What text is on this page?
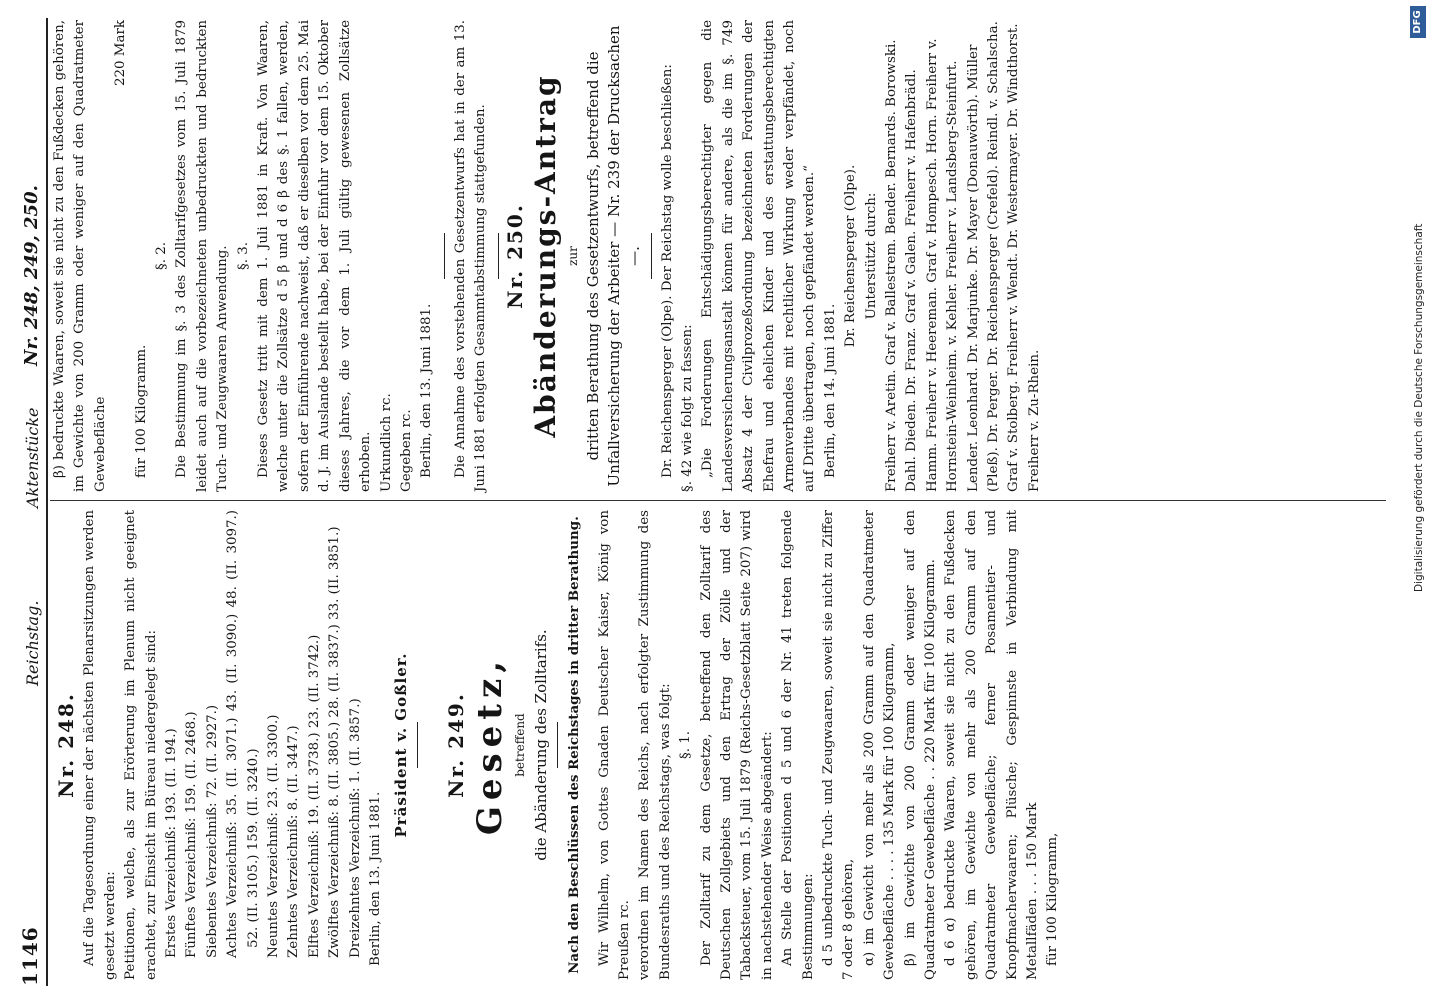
1146
Reichstag.
Aktenstücke
Nr. 248, 249, 250.
Nr. 248. Auf die Tagesordnung einer der nächsten Plenarsitzungen werden gesetzt werden: Petitionen, welche, als zur Erörterung im Plenum nicht geeignet erachtet, zur Einsicht im Büreau niedergelegt sind: Erstes Verzeichniß: 193. (II. 194.) Fünftes Verzeichniß: 159. (II. 2468.) Siebentes Verzeichniß: 72. (II. 2927.) Achtes Verzeichniß: 35. (II. 3071.) 43. (II. 3090.) 48. (II. 3097.) 52. (II. 3105.) 159. (II. 3240.) Neuntes Verzeichniß: 23. (II. 3300.) Zehntes Verzeichniß: 8. (II. 3447.) Elftes Verzeichniß: 19. (II. 3738.) 23. (II. 3742.) Zwölftes Verzeichniß: 8. (II. 3805.) 28. (II. 3837.) 33. (II. 3851.) Dreizehntes Verzeichniß: 1. (II. 3857.) Berlin, den 13. Juni 1881.

Präsident v. Goßler. Nr. 249. Gesetz, betreffend die Abänderung des Zolltarifs. Nach den Beschlüssen des Reichstages in dritter Berathung. Wir Wilhelm, von Gottes Gnaden Deutscher Kaiser, König von Preußen rc. verordnen im Namen des Reichs, nach erfolgter Zustimmung des Bundesraths und des Reichstags, was folgt: §. 1. Der Zolltarif zu dem Gesetze, betreffend den Zolltarif des Deutschen Zollgebiets und den Ertrag der Zölle und der Tabacksteuer, vom 15. Juli 1879 (Reichs-Gesetzblatt Seite 207) wird in nachstehender Weise abgeändert: An Stelle der Positionen d 5 und 6 der Nr. 41 treten folgende Bestimmungen: d 5 unbedruckte Tuch- und Zeugwaaren, soweit sie nicht zu Ziffer 7 oder 8 gehören, α) im Gewicht von mehr als 200 Gramm auf den Quadratmeter Gewebefläche . . . . 135 Mark für 100 Kilogramm, β) im Gewichte von 200 Gramm oder weniger auf den Quadratmeter Gewebefläche . . 220 Mark für 100 Kilogramm. d 6 α) bedruckte Waaren, soweit sie nicht zu den Fußdecken gehören, im Gewichte von mehr als 200 Gramm auf den Quadratmeter Gewebefläche; ferner Posamentier- und Knopfmacherwaaren; Plüsche; Gespinnste in Verbindung mit Metallfäden . . . 150 Mark für 100 Kilogramm,

β) bedruckte Waaren, soweit sie nicht zu den Fußdecken gehören, im Gewichte von 200 Gramm oder weniger auf den Quadratmeter Gewebefläche

220 Mark

für 100 Kilogramm.

§. 2. Die Bestimmung im §. 3 des Zolltarifgesetzes vom 15. Juli 1879 leidet auch auf die vorbezeichneten unbedruckten und bedruckten Tuch- und Zeugwaaren Anwendung. §. 3. Dieses Gesetz tritt mit dem 1. Juli 1881 in Kraft. Von Waaren, welche unter die Zollsätze d 5 β und d 6 β des §. 1 fallen, werden, sofern der Einführende nachweist, daß er dieselben vor dem 25. Mai d. J. im Auslande bestellt habe, bei der Einfuhr vor dem 15. Oktober dieses Jahres, die vor dem 1. Juli gültig gewesenen Zollsätze erhoben. Urkundlich rc. Gegeben rc. Berlin, den 13. Juni 1881. Die Annahme des vorstehenden Gesetzentwurfs hat in der am 13. Juni 1881 erfolgten Gesammtabstimmung stattgefunden. Nr. 250. Abänderungs-Antrag zur dritten Berathung des Gesetzentwurfs, betreffend die Unfallversicherung der Arbeiter — Nr. 239 der Drucksachen —. Dr. Reichensperger (Olpe). Der Reichstag wolle beschließen: §. 42 wie folgt zu fassen: „Die Forderungen Entschädigungsberechtigter gegen die Landesversicherungsanstalt können für andere, als die im §. 749 Absatz 4 der Civilprozeßordnung bezeichneten Forderungen der Ehefrau und ehelichen Kinder und des erstattungsberechtigten Armenverbandes mit rechtlicher Wirkung weder verpfändet, noch auf Dritte übertragen, noch gepfändet werden.“ Berlin, den 14. Juni 1881.

Dr. Reichensperger (Olpe). Unterstützt durch: Freiherr v. Aretin. Graf v. Ballestrem. Bender. Bernards. Borowski. Dahl. Dieden. Dr. Franz. Graf v. Galen. Freiherr v. Hafenbrädl. Hamm. Freiherr v. Heereman. Graf v. Hompesch. Horn. Freiherr v. Hornstein-Weinheim. v. Kehler. Freiherr v. Landsberg-Steinfurt. Lender. Leonhard. Dr. Marjunke. Dr. Mayer (Donauwörth). Müller (Pleß). Dr. Perger. Dr. Reichensperger (Crefeld). Reindl. v. Schalscha. Graf v. Stolberg. Freiherr v. Wendt. Dr. Westermayer. Dr. Windthorst. Freiherr v. Zu-Rhein.

DFG
Digitalisierung gefördert durch die Deutsche Forschungsgemeinschaft
